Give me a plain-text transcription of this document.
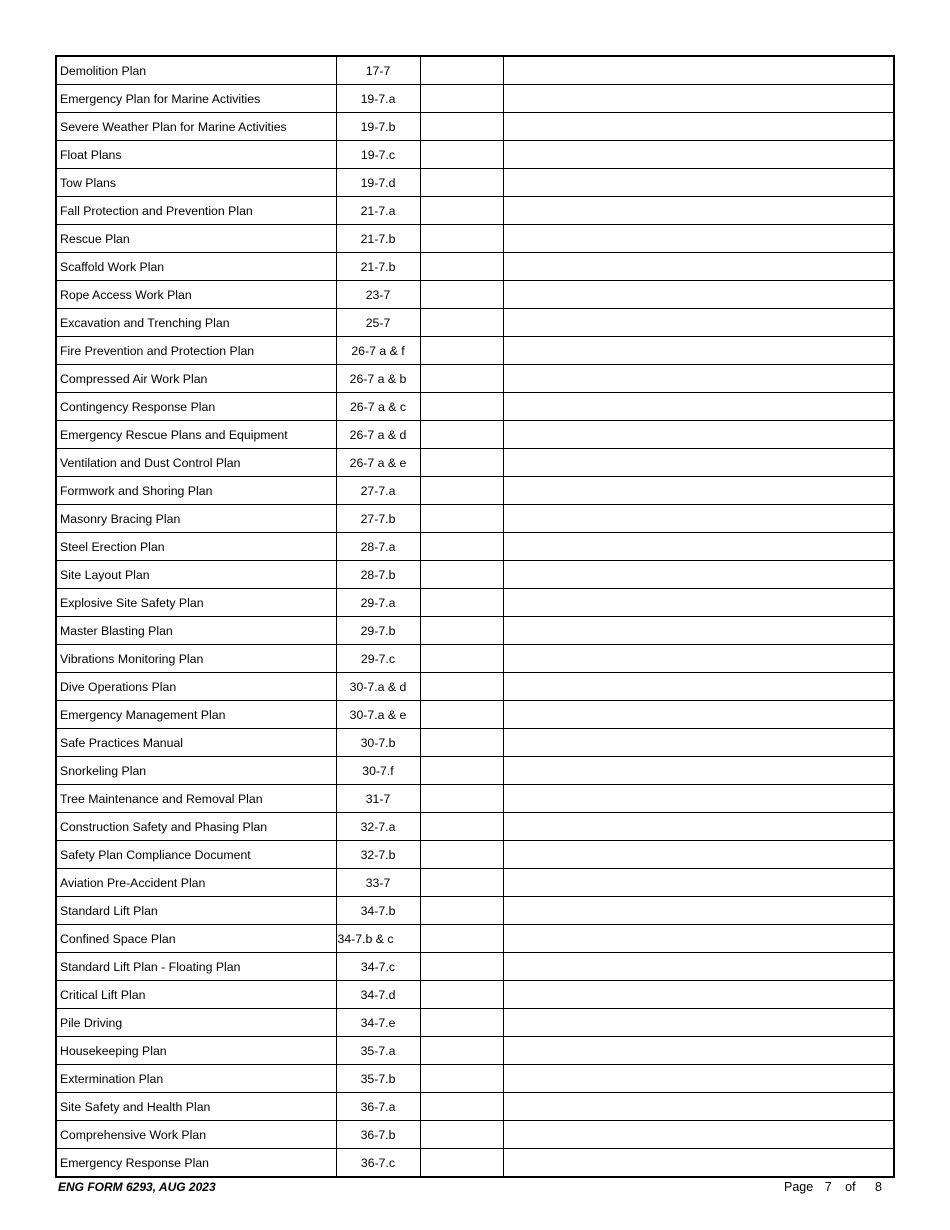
Demolition Plan	17-7		
Emergency Plan for Marine Activities	19-7.a		
Severe Weather Plan for Marine Activities	19-7.b		
Float Plans	19-7.c		
Tow Plans	19-7.d		
Fall Protection and Prevention Plan	21-7.a		
Rescue Plan	21-7.b		
Scaffold Work Plan	21-7.b		
Rope Access Work Plan	23-7		
Excavation and Trenching Plan	25-7		
Fire Prevention and Protection Plan	26-7 a & f		
Compressed Air Work Plan	26-7 a & b		
Contingency Response Plan	26-7 a & c		
Emergency Rescue Plans and Equipment	26-7 a & d		
Ventilation and Dust Control Plan	26-7 a & e		
Formwork and Shoring Plan	27-7.a		
Masonry Bracing Plan	27-7.b		
Steel Erection Plan	28-7.a		
Site Layout Plan	28-7.b		
Explosive Site Safety Plan	29-7.a		
Master Blasting Plan	29-7.b		
Vibrations Monitoring Plan	29-7.c		
Dive Operations Plan	30-7.a & d		
Emergency Management Plan	30-7.a & e		
Safe Practices Manual	30-7.b		
Snorkeling Plan	30-7.f		
Tree Maintenance and Removal Plan	31-7		
Construction Safety and Phasing Plan	32-7.a		
Safety Plan Compliance Document	32-7.b		
Aviation Pre-Accident Plan	33-7		
Standard Lift Plan	34-7.b		
Confined Space Plan	34-7.b & c		
Standard Lift Plan - Floating Plan	34-7.c		
Critical Lift Plan	34-7.d		
Pile Driving	34-7.e		
Housekeeping Plan	35-7.a		
Extermination Plan	35-7.b		
Site Safety and Health Plan	36-7.a		
Comprehensive Work Plan	36-7.b		
Emergency Response Plan	36-7.c		
ENG FORM 6293, AUG 2023	Page 7 of 8
